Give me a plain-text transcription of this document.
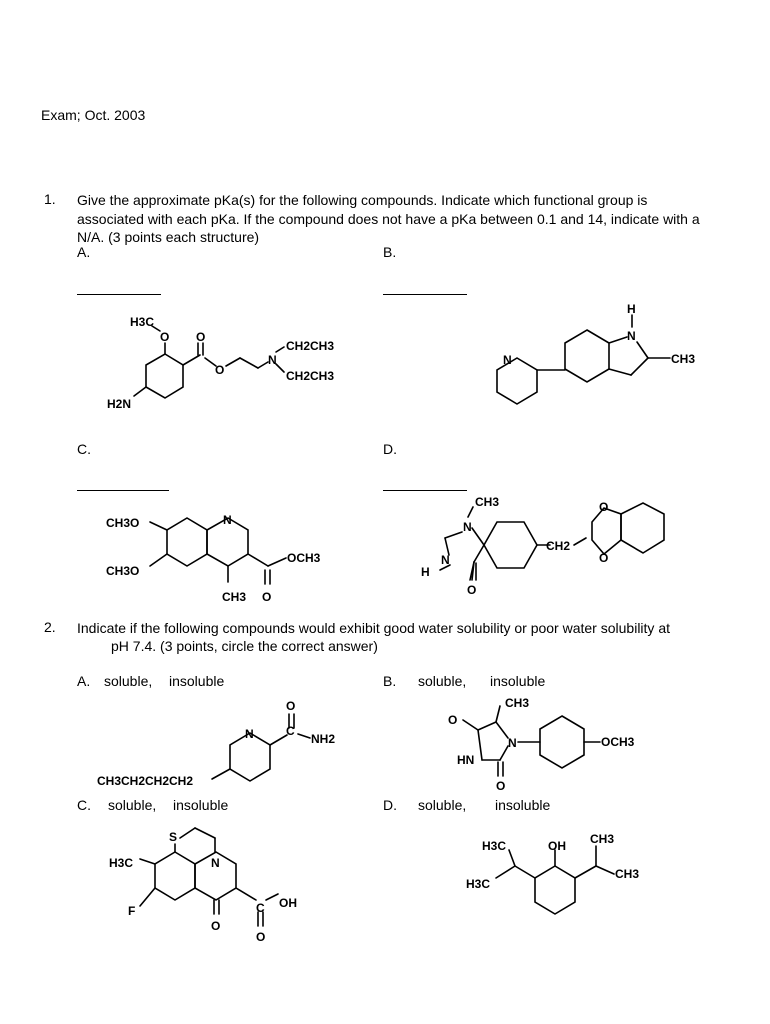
Exam; Oct. 2003
1. Give the approximate pKa(s) for the following compounds. Indicate which functional group is associated with each pKa. If the compound does not have a pKa between 0.1 and 14, indicate with a N/A. (3 points each structure)
A.	B.
H3C
O O
O
N
CH2CH3
CH2CH3
H2N
N
H
N
CH3
C.	D.
CH3O
CH3O
N
OCH3
CH3 O
CH3
N
N
H
O
CH2
O
O
2. Indicate if the following compounds would exhibit good water solubility or poor water solubility at
pH 7.4. (3 points, circle the correct answer)
A. soluble, insoluble	B. soluble, insoluble
O
C
NH2
N
CH3CH2CH2CH2
CH3
O
N
HN
O
OCH3
C. soluble, insoluble	D. soluble, insoluble
S
H3C	N
F
O
C OH
O
H3C	OH CH3
CH3
H3C
